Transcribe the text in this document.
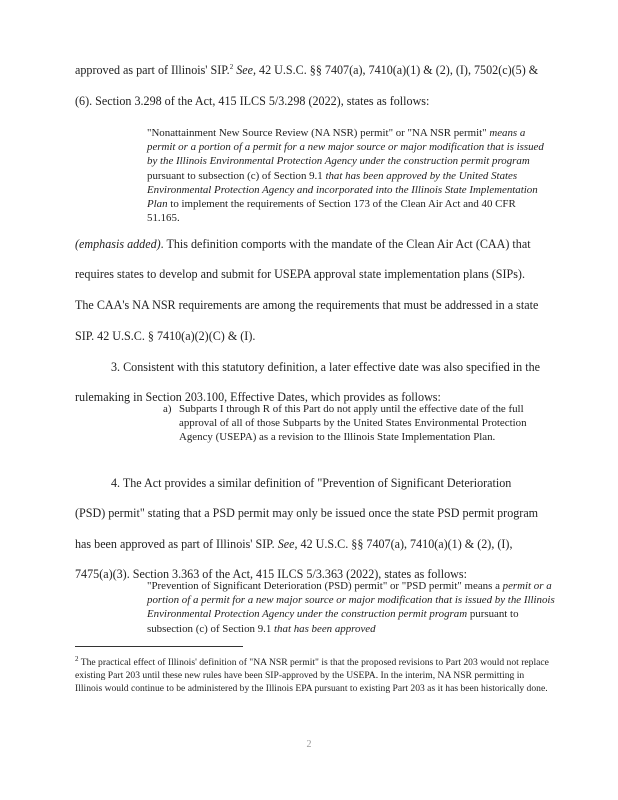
approved as part of Illinois' SIP.$^2$ See, 42 U.S.C. §§ 7407(a), 7410(a)(1) & (2), (I), 7502(c)(5) &
(6). Section 3.298 of the Act, 415 ILCS 5/3.298 (2022), states as follows:

"Nonattainment New Source Review (NA NSR) permit" or "NA NSR permit" means a permit or a portion of a permit for a new major source or major modification that is issued by the Illinois Environmental Protection Agency under the construction permit program pursuant to subsection (c) of Section 9.1 that has been approved by the United States Environmental Protection Agency and incorporated into the Illinois State Implementation Plan to implement the requirements of Section 173 of the Clean Air Act and 40 CFR 51.165.

(emphasis added). This definition comports with the mandate of the Clean Air Act (CAA) that
requires states to develop and submit for USEPA approval state implementation plans (SIPs).
The CAA's NA NSR requirements are among the requirements that must be addressed in a state
SIP. 42 U.S.C. § 7410(a)(2)(C) & (I).
3. Consistent with this statutory definition, a later effective date was also specified in the
rulemaking in Section 203.100, Effective Dates, which provides as follows:
a) Subparts I through R of this Part do not apply until the effective date of the full approval of all of those Subparts by the United States Environmental Protection Agency (USEPA) as a revision to the Illinois State Implementation Plan.
4. The Act provides a similar definition of "Prevention of Significant Deterioration
(PSD) permit" stating that a PSD permit may only be issued once the state PSD permit program
has been approved as part of Illinois' SIP. See, 42 U.S.C. §§ 7407(a), 7410(a)(1) & (2), (I),
7475(a)(3). Section 3.363 of the Act, 415 ILCS 5/3.363 (2022), states as follows:

"Prevention of Significant Deterioration (PSD) permit" or "PSD permit" means a permit or a portion of a permit for a new major source or major modification that is issued by the Illinois Environmental Protection Agency under the construction permit program pursuant to subsection (c) of Section 9.1 that has been approved

$^2$ The practical effect of Illinois' definition of "NA NSR permit" is that the proposed revisions to Part 203 would not replace existing Part 203 until these new rules have been SIP-approved by the USEPA. In the interim, NA NSR permitting in Illinois would continue to be administered by the Illinois EPA pursuant to existing Part 203 as it has been historically done.

2
